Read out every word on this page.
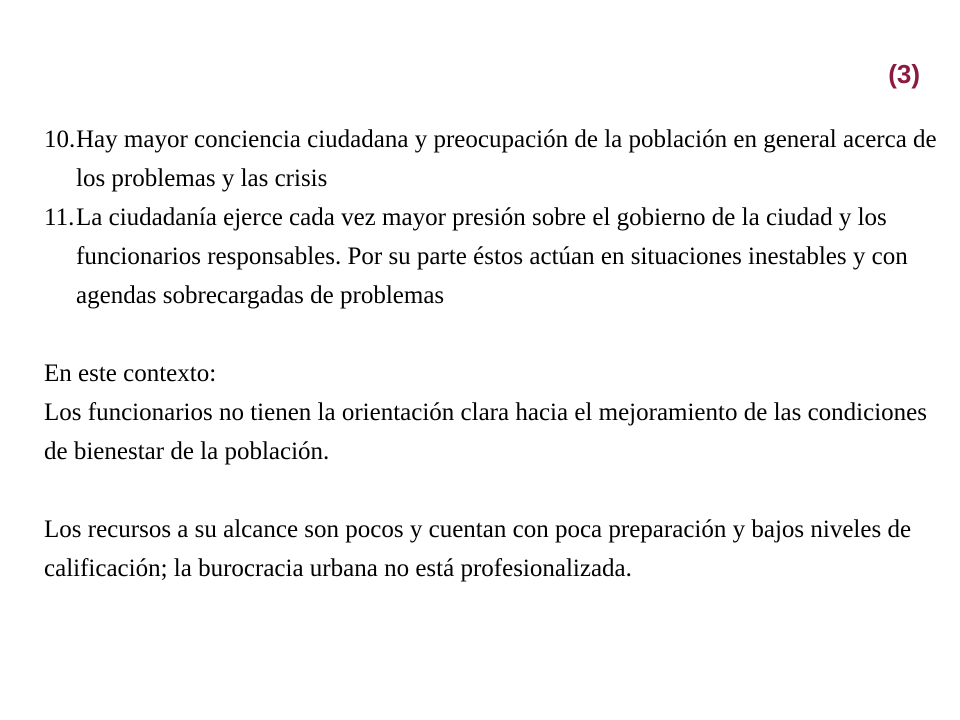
(3)
10. Hay mayor conciencia ciudadana y preocupación de la población en general acerca de los problemas y las crisis
11. La ciudadanía ejerce cada vez mayor presión sobre el gobierno de la ciudad y los funcionarios responsables. Por su parte éstos actúan en situaciones inestables y con agendas sobrecargadas de problemas
En este contexto:
Los funcionarios no tienen la orientación clara hacia el mejoramiento de las condiciones de bienestar de la población.
Los recursos a su alcance son pocos y cuentan con poca preparación y bajos niveles de calificación; la burocracia urbana no está profesionalizada.
